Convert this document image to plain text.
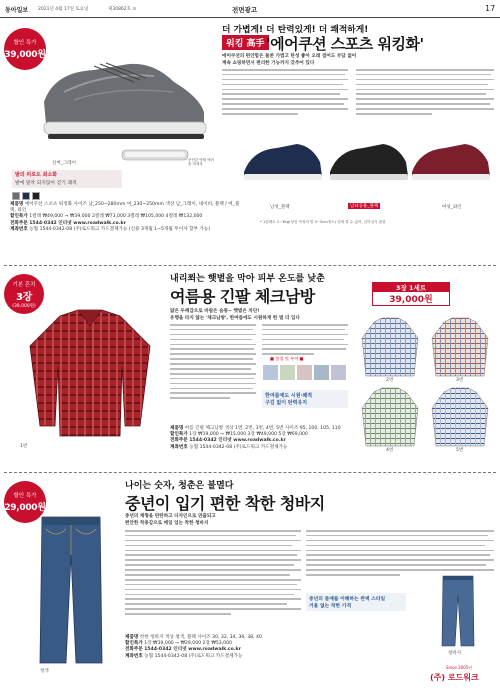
동아일보 2021년 4월 17일 토요일	제30862호 ⊙	전면광고	17
할인 특가
39,000원
실버_그레이
쿠션감 탁월 에어솔 미세정
발의 피로도 최소화
발에 밀착 되지않아 걷기 쾌적
더 가볍게! 더 탄력있게! 더 쾌적하게!
워킹 高手 '에어쿠션 스포츠 워킹화'
에어쿠션의 편안함은 물론 가볍고 탄성 좋아 오래 걸어도 부담 없어
계속 쇼핑하면서 편리한 기능까지 갖추어 있다
남성_블랙	남녀공용_블랙	여성_와인
제품명 에어쿠션 스포츠 워킹화 사이즈 남_250~280mm 여_230~250mm 색상 남_그레이, 네이비, 블랙 / 여_블랙, 와인
할인특가 1켤레 ₩49,000 → ₩39,000 2켤레 ₩73,000 3켤레 ₩105,000 4켤레 ₩132,000
전화주문 1544-0342 인터넷 www.roadwalk.co.kr
계좌번호 농협 1544-0342-08 (주)로드워크 카드결제가능 (신용 3개월 1~5개월 무이자 할부 가능)
* 1켤레로 1~3Kg(성인 여성의 발 3~5cm정도) 밑에 깔 수 있어, 갈아신기 편함
기본 흔치
3장
(39,000원)
1번
내리쬐는 햇볕을 막아 피부 온도를 낮춘
여름용 긴팔 체크남방	3장 1세트
39,000원
얇은 두께감으로 바람은 숨통~ 햇볕은 차단!
유행을 타지 않는 '체크남방', 한여름에도 시원하게 한 벌 더 입다
■ 봄철 및 부여 ■
한여름에도 시원·쾌적
구김 없이 탄력유지
2번	3번
4번	5번
제품명 여름 긴팔 체크남방 색상 1번, 2번, 3번, 4번, 5번 사이즈 95, 100, 105, 110
할인특가 1장 ₩19,000 → ₩15,000 3장 ₩49,000 5장 ₩69,000
전화주문 1544-0342 인터넷 www.roadwalk.co.kr
계좌번호 농협 1544-0342-08 (주)로드워크 카드결제가능
할인 특가
29,000원
청색
나이는 숫자, 청춘은 불멸다
중년이 입기 편한 착한 청바지
중년의 체형을 탄탄하고 디자인으로 연출되고
편안한 착용감으로 매일 입는 착한 청바지
중년의 몸매를 이해하는 완벽 스타일
거울 없는 착한 가격
청바지
제품명 착한 청바지 색상 청색, 블랙 사이즈 30, 32, 34, 36, 38, 40
할인특가 1장 ₩39,000 → ₩29,000 2장 ₩53,000
전화주문 1544-0342 인터넷 www.roadwalk.co.kr
계좌번호 농협 1544-0342-08 (주)로드워크 카드결제가능
Since 2005년
(주) 로드워크
